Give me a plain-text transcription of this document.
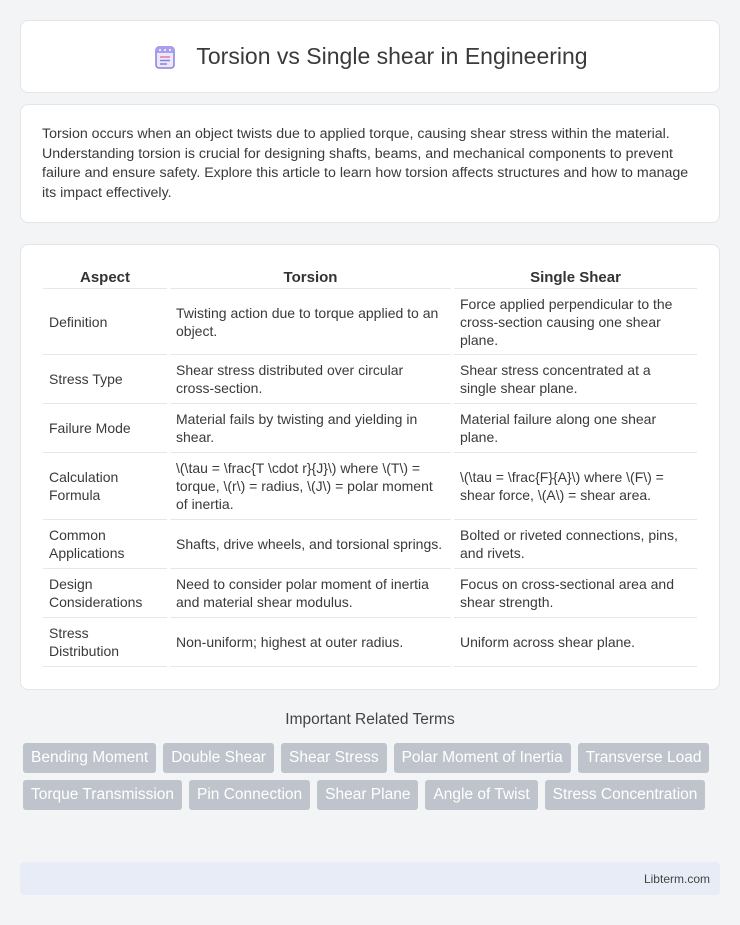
Torsion vs Single shear in Engineering

Torsion occurs when an object twists due to applied torque, causing shear stress within the material. Understanding torsion is crucial for designing shafts, beams, and mechanical components to prevent failure and ensure safety. Explore this article to learn how torsion affects structures and how to manage its impact effectively.

Aspect	Torsion	Single Shear
Definition	Twisting action due to torque applied to an object.	Force applied perpendicular to the cross-section causing one shear plane.
Stress Type	Shear stress distributed over circular cross-section.	Shear stress concentrated at a single shear plane.
Failure Mode	Material fails by twisting and yielding in shear.	Material failure along one shear plane.
Calculation Formula	\(\tau = \frac{T \cdot r}{J}\) where \(T\) = torque, \(r\) = radius, \(J\) = polar moment of inertia.	\(\tau = \frac{F}{A}\) where \(F\) = shear force, \(A\) = shear area.
Common Applications	Shafts, drive wheels, and torsional springs.	Bolted or riveted connections, pins, and rivets.
Design Considerations	Need to consider polar moment of inertia and material shear modulus.	Focus on cross-sectional area and shear strength.
Stress Distribution	Non-uniform; highest at outer radius.	Uniform across shear plane.
Important Related Terms
Bending Moment	Double Shear	Shear Stress	Polar Moment of Inertia	Transverse Load
Torque Transmission	Pin Connection	Shear Plane	Angle of Twist	Stress Concentration
Libterm.com
